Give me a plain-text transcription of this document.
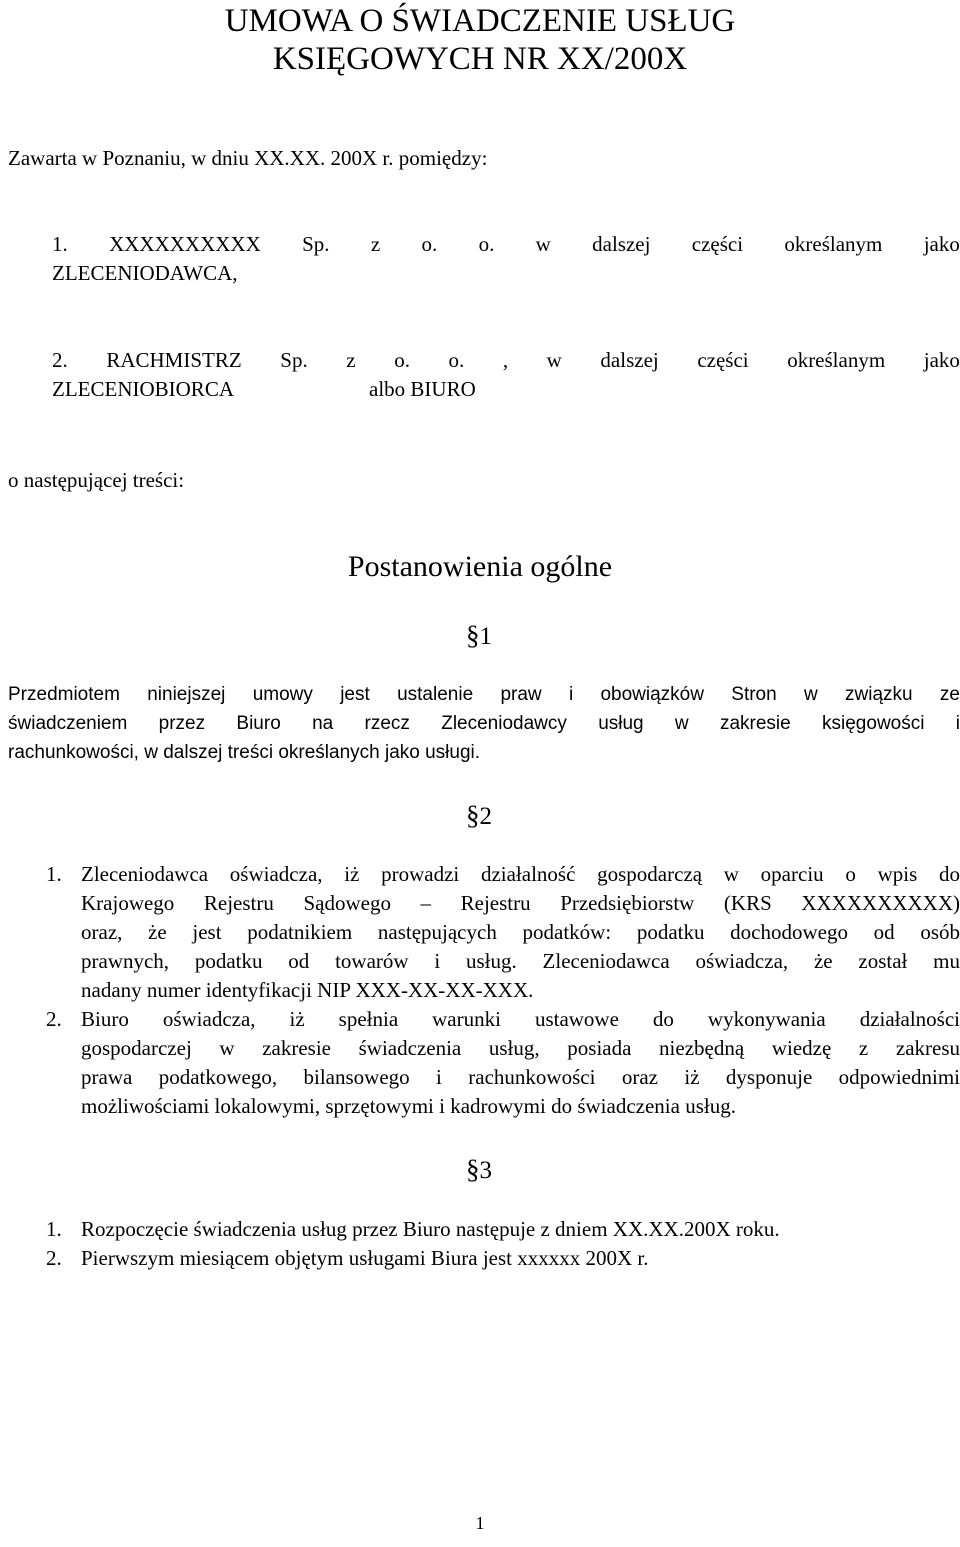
UMOWA O ŚWIADCZENIE USŁUG
KSIĘGOWYCH NR XX/200X

Zawarta w Poznaniu, w dniu XX.XX. 200X r. pomiędzy:

1. XXXXXXXXXX Sp. z o. o. w dalszej części określanym jako

ZLECENIODAWCA,

2. RACHMISTRZ Sp. z o. o. , w dalszej części określanym jako

ZLECENIOBIORCA	albo BIURO

o następującej treści:

Postanowienia ogólne
§1
Przedmiotem niniejszej umowy jest ustalenie praw i obowiązków Stron w związku ze
świadczeniem przez Biuro na rzecz Zleceniodawcy usług w zakresie księgowości i
rachunkowości, w dalszej treści określanych jako usługi.
§2
1. Zleceniodawca oświadcza, iż prowadzi działalność gospodarczą w oparciu o wpis do
Krajowego Rejestru Sądowego – Rejestru Przedsiębiorstw (KRS XXXXXXXXXX)
oraz, że jest podatnikiem następujących podatków: podatku dochodowego od osób
prawnych, podatku od towarów i usług. Zleceniodawca oświadcza, że został mu
nadany numer identyfikacji NIP XXX-XX-XX-XXX.
2. Biuro oświadcza, iż spełnia warunki ustawowe do wykonywania działalności
gospodarczej w zakresie świadczenia usług, posiada niezbędną wiedzę z zakresu
prawa podatkowego, bilansowego i rachunkowości oraz iż dysponuje odpowiednimi
możliwościami lokalowymi, sprzętowymi i kadrowymi do świadczenia usług.
§3
1. Rozpoczęcie świadczenia usług przez Biuro następuje z dniem XX.XX.200X roku.
2. Pierwszym miesiącem objętym usługami Biura jest xxxxxx 200X r.
1
